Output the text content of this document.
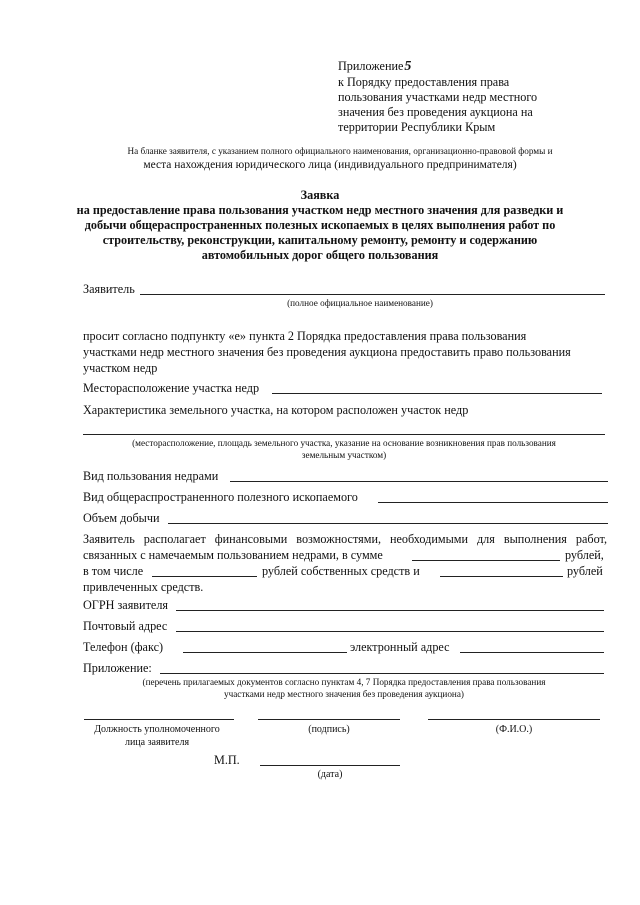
Приложение5
к Порядку предоставления права
пользования участками недр местного
значения без проведения аукциона на
территории Республики Крым
На бланке заявителя, с указанием полного официального наименования, организационно-правовой формы и
места нахождения юридического лица (индивидуального предпринимателя)
Заявка
на предоставление права пользования участком недр местного значения для разведки и
добычи общераспространенных полезных ископаемых в целях выполнения работ по
строительству, реконструкции, капитальному ремонту, ремонту и содержанию
автомобильных дорог общего пользования
Заявитель
(полное официальное наименование)
просит согласно подпункту «е» пункта 2 Порядка предоставления права пользования
участками недр местного значения без проведения аукциона предоставить право пользования
участком недр
Месторасположение участка недр
Характеристика земельного участка, на котором расположен участок недр
(месторасположение, площадь земельного участка, указание на основание возникновения прав пользования
земельным участком)
Вид пользования недрами
Вид общераспространенного полезного ископаемого
Объем добычи
Заявитель располагает финансовыми возможностями, необходимыми для выполнения работ,
связанных с намечаемым пользованием недрами, в сумме	рублей,
в том числе	рублей собственных средств и	рублей
привлеченных средств.
ОГРН заявителя
Почтовый адрес
Телефон (факс)	электронный адрес
Приложение:
(перечень прилагаемых документов согласно пунктам 4, 7 Порядка предоставления права пользования
участками недр местного значения без проведения аукциона)
Должность уполномоченного
лица заявителя
(подпись)	(Ф.И.О.)
М.П.
(дата)
